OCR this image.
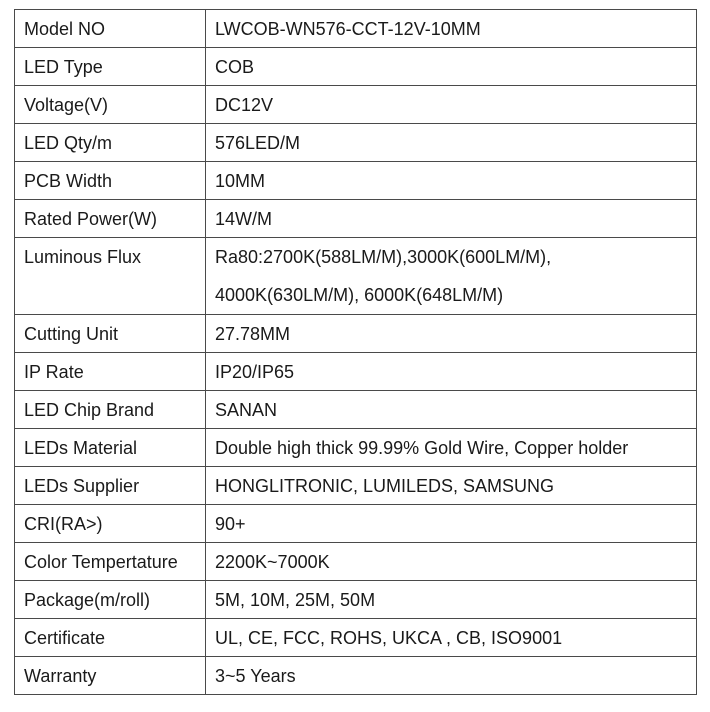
Model NO	LWCOB-WN576-CCT-12V-10MM
LED Type	COB
Voltage(V)	DC12V
LED Qty/m	576LED/M
PCB Width	10MM
Rated Power(W)	14W/M

Luminous Flux	Ra80:2700K(588LM/M),3000K(600LM/M),
4000K(630LM/M), 6000K(648LM/M)

Cutting Unit	27.78MM
IP Rate	IP20/IP65
LED Chip Brand	SANAN
LEDs Material	Double high thick 99.99% Gold Wire, Copper holder
LEDs Supplier	HONGLITRONIC, LUMILEDS, SAMSUNG
CRI(RA>)	90+
Color Tempertature	2200K~7000K
Package(m/roll)	5M, 10M, 25M, 50M
Certificate	UL, CE, FCC, ROHS, UKCA , CB, ISO9001
Warranty	3~5 Years
